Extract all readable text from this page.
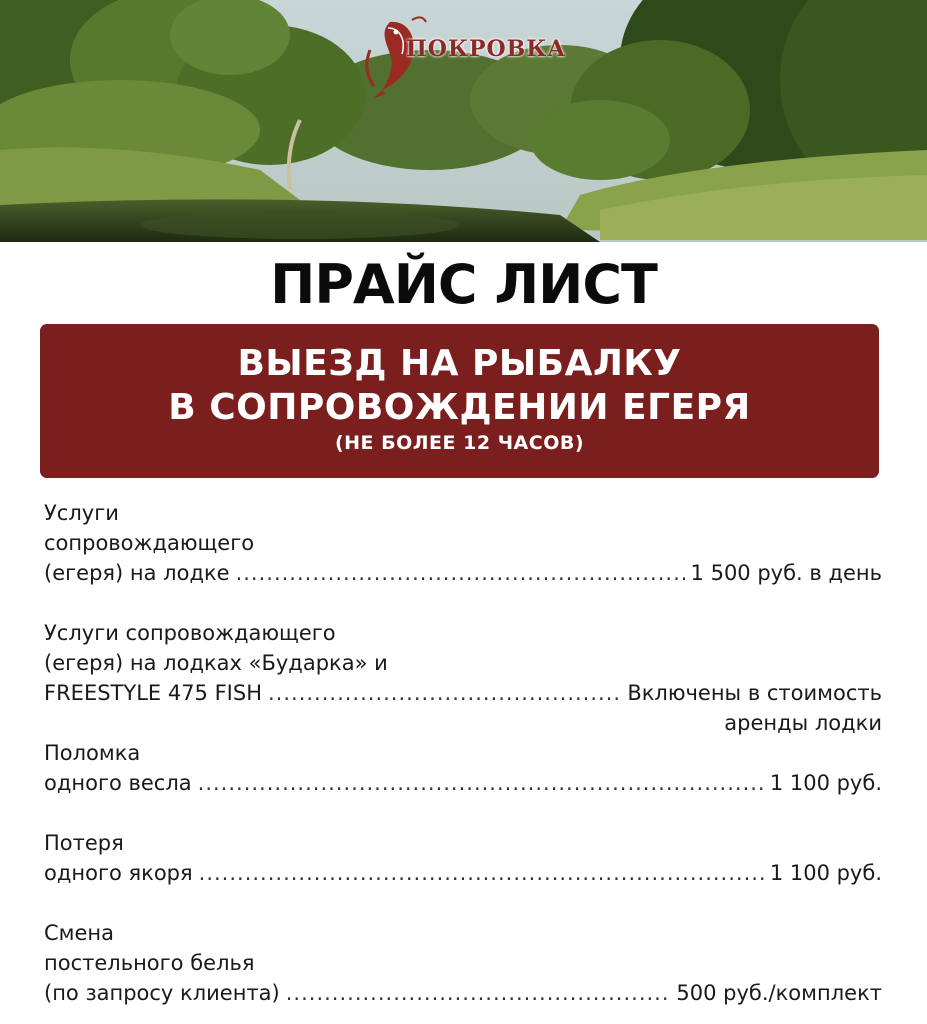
ПОКРОВКА
ПРАЙС ЛИСТ
ВЫЕЗД НА РЫБАЛКУ
В СОПРОВОЖДЕНИИ ЕГЕРЯ
(НЕ БОЛЕЕ 12 ЧАСОВ)
Услуги
сопровождающего
(егеря) на лодке .....	1 500 руб. в день
Услуги сопровождающего
(егеря) на лодках «Бударка» и
FREESTYLE 475 FISH .....	Включены в стоимость
аренды лодки
Поломка
одного весла .....	1 100 руб.
Потеря
одного якоря .....	1 100 руб.
Смена
постельного белья
(по запросу клиента) .....	500 руб./комплект
